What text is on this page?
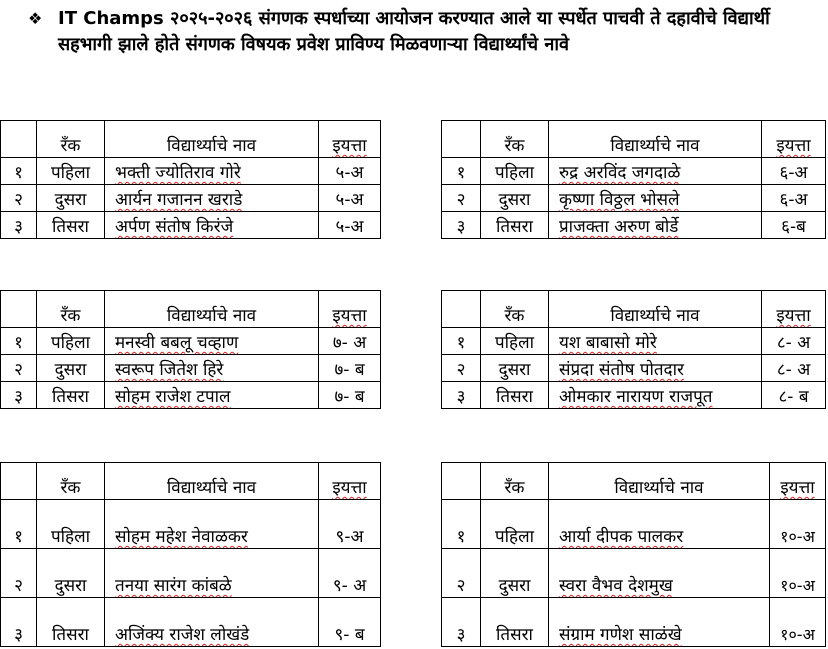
❖ IT Champs २०२५-२०२६ संगणक स्पर्धाच्या आयोजन करण्यात आले या स्पर्धेत पाचवी ते दहावीचे विद्यार्थी सहभागी झाले होते संगणक विषयक प्रवेश प्राविण्य मिळवणाऱ्या विद्यार्थ्यांचे नावे
	रँक	विद्यार्थ्याचे नाव	इयत्ता
१	पहिला	भक्ती ज्योतिराव गोरे	५-अ
२	दुसरा	आर्यन गजानन खराडे	५-अ
३	तिसरा	अर्पण संतोष किरंजे	५-अ
	रँक	विद्यार्थ्याचे नाव	इयत्ता
१	पहिला	रुद्र अरविंद जगदाळे	६-अ
२	दुसरा	कृष्णा विठ्ठल भोसले	६-अ
३	तिसरा	प्राजक्ता अरुण बोर्डे	६-ब
	रँक	विद्यार्थ्याचे नाव	इयत्ता
१	पहिला	मनस्वी बबलू चव्हाण	७- अ
२	दुसरा	स्वरूप जितेश हिरे	७- ब
३	तिसरा	सोहम राजेश टपाल	७- ब
	रँक	विद्यार्थ्याचे नाव	इयत्ता
१	पहिला	यश बाबासो मोरे	८- अ
२	दुसरा	संप्रदा संतोष पोतदार	८- अ
३	तिसरा	ओमकार नारायण राजपूत	८- ब
	रँक	विद्यार्थ्याचे नाव	इयत्ता
१	पहिला	सोहम महेश नेवाळकर	९-अ
२	दुसरा	तनया सारंग कांबळे	९- अ
३	तिसरा	अजिंक्य राजेश लोखंडे	९- ब
	रँक	विद्यार्थ्याचे नाव	इयत्ता
१	पहिला	आर्या दीपक पालकर	१०-अ
२	दुसरा	स्वरा वैभव देशमुख	१०-अ
३	तिसरा	संग्राम गणेश साळंखे	१०-अ
